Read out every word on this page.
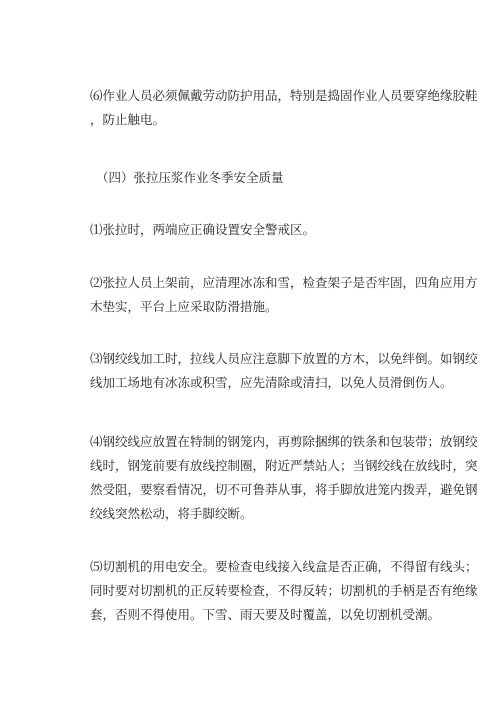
⑹作业人员必须佩戴劳动防护用品，特别是捣固作业人员要穿绝缘胶鞋
，防止触电。
（四）张拉压浆作业冬季安全质量
⑴张拉时，两端应正确设置安全警戒区。
⑵张拉人员上架前，应清理冰冻和雪，检查架子是否牢固，四角应用方
木垫实，平台上应采取防滑措施。
⑶钢绞线加工时，拉线人员应注意脚下放置的方木，以免绊倒。如钢绞
线加工场地有冰冻或积雪，应先清除或清扫，以免人员滑倒伤人。
⑷钢绞线应放置在特制的钢笼内，再剪除捆绑的铁条和包装带；放钢绞
线时，钢笼前要有放线控制圈，附近严禁站人；当钢绞线在放线时，突
然受阻，要察看情况，切不可鲁莽从事，将手脚放进笼内拨弄，避免钢
绞线突然松动，将手脚绞断。
⑸切割机的用电安全。要检查电线接入线盒是否正确，不得留有线头；
同时要对切割机的正反转要检查，不得反转；切割机的手柄是否有绝缘
套，否则不得使用。下雪、雨天要及时覆盖，以免切割机受潮。
